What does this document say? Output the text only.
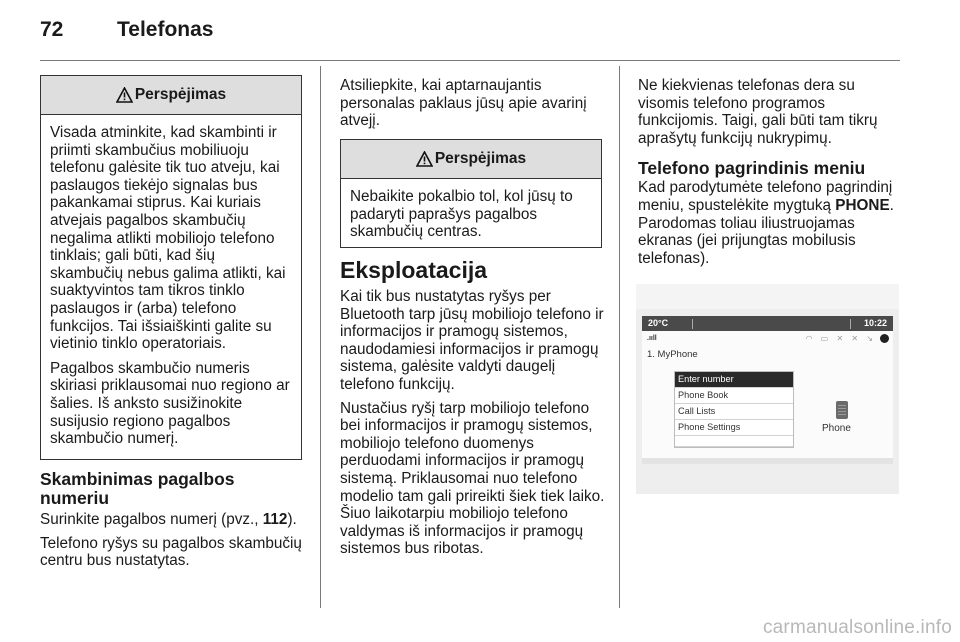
72	Telefonas
Perspėjimas

Visada atminkite, kad skambinti ir priimti skambučius mobiliuoju telefonu galėsite tik tuo atveju, kai paslaugos tiekėjo signalas bus pakankamai stiprus. Kai kuriais atvejais pagalbos skambučių negalima atlikti mobiliojo telefono tinklais; gali būti, kad šių skambučių nebus galima atlikti, kai suaktyvintos tam tikros tinklo paslaugos ir (arba) telefono funkcijos. Tai išsiaiškinti galite su vietinio tinklo operatoriais.

Pagalbos skambučio numeris skiriasi priklausomai nuo regiono ar šalies. Iš anksto susižinokite susijusio regiono pagalbos skambučio numerį.

Skambinimas pagalbos numeriu

Surinkite pagalbos numerį (pvz., 112).

Telefono ryšys su pagalbos skambučių centru bus nustatytas.

Atsiliepkite, kai aptarnaujantis personalas paklaus jūsų apie avarinį atvejį.

Perspėjimas

Nebaikite pokalbio tol, kol jūsų to padaryti paprašys pagalbos skambučių centras.

Eksploatacija

Kai tik bus nustatytas ryšys per Bluetooth tarp jūsų mobiliojo telefono ir informacijos ir pramogų sistemos, naudodamiesi informacijos ir pramogų sistema, galėsite valdyti daugelį telefono funkcijų.

Nustačius ryšį tarp mobiliojo telefono bei informacijos ir pramogų sistemos, mobiliojo telefono duomenys perduodami informacijos ir pramogų sistemą. Priklausomai nuo telefono modelio tam gali prireikti šiek tiek laiko. Šiuo laikotarpiu mobiliojo telefono valdymas iš informacijos ir pramogų sistemos bus ribotas.

Ne kiekvienas telefonas dera su visomis telefono programos funkcijomis. Taigi, gali būti tam tikrų aprašytų funkcijų nukrypimų.

Telefono pagrindinis meniu

Kad parodytumėte telefono pagrindinį meniu, spustelėkite mygtuką PHONE. Parodomas toliau iliustruojamas ekranas (jei prijungtas mobilusis telefonas).

20°C	10:22
.ııll
1. MyPhone
◠ ▭ ✕ ✕ ↘
Enter number
Phone Book
Call Lists
Phone Settings	Phone
carmanualsonline.info
